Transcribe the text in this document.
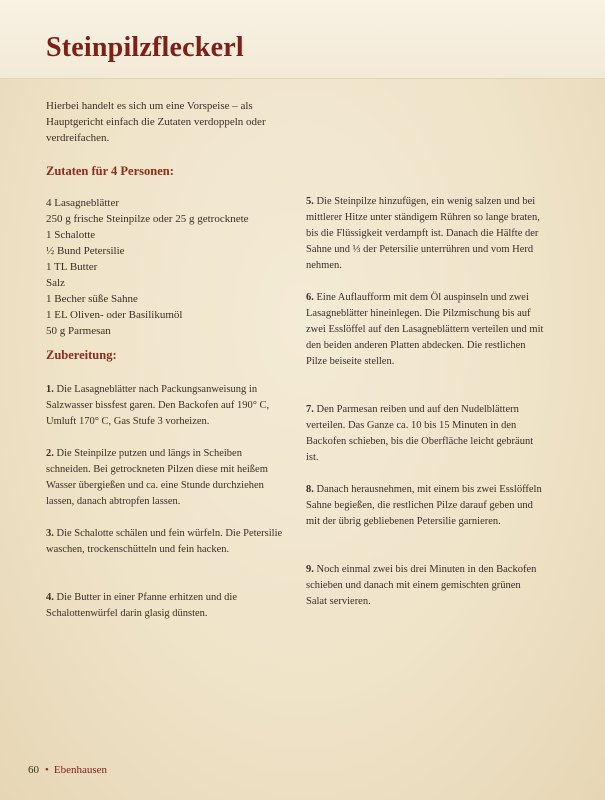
Steinpilzfleckerl

Hierbei handelt es sich um eine Vorspeise – als Hauptgericht einfach die Zutaten verdoppeln oder verdreifachen.

Zutaten für 4 Personen:
4 Lasagneblätter
250 g frische Steinpilze oder 25 g getrocknete
1 Schalotte
½ Bund Petersilie
1 TL Butter
Salz
1 Becher süße Sahne
1 EL Oliven- oder Basilikumöl
50 g Parmesan
Zubereitung:

1. Die Lasagneblätter nach Packungsanweisung in Salzwasser bissfest garen. Den Backofen auf 190° C, Umluft 170° C, Gas Stufe 3 vorheizen.

2. Die Steinpilze putzen und längs in Scheiben schneiden. Bei getrockneten Pilzen diese mit heißem Wasser übergießen und ca. eine Stunde durchziehen lassen, danach abtropfen lassen.

3. Die Schalotte schälen und fein würfeln. Die Petersilie waschen, trockenschütteln und fein hacken.

4. Die Butter in einer Pfanne erhitzen und die Schalottenwürfel darin glasig dünsten.

5. Die Steinpilze hinzufügen, ein wenig salzen und bei mittlerer Hitze unter ständigem Rühren so lange braten, bis die Flüssigkeit verdampft ist. Danach die Hälfte der Sahne und ⅓ der Petersilie unterrühren und vom Herd nehmen.

6. Eine Auflaufform mit dem Öl auspinseln und zwei Lasagneblätter hineinlegen. Die Pilzmischung bis auf zwei Esslöffel auf den Lasagneblättern verteilen und mit den beiden anderen Platten abdecken. Die restlichen Pilze beiseite stellen.

7. Den Parmesan reiben und auf den Nudelblättern verteilen. Das Ganze ca. 10 bis 15 Minuten in den Backofen schieben, bis die Oberfläche leicht gebräunt ist.

8. Danach herausnehmen, mit einem bis zwei Esslöffeln Sahne begießen, die restlichen Pilze darauf geben und mit der übrig gebliebenen Petersilie garnieren.

9. Noch einmal zwei bis drei Minuten in den Backofen schieben und danach mit einem gemischten grünen Salat servieren.

60 • Ebenhausen
